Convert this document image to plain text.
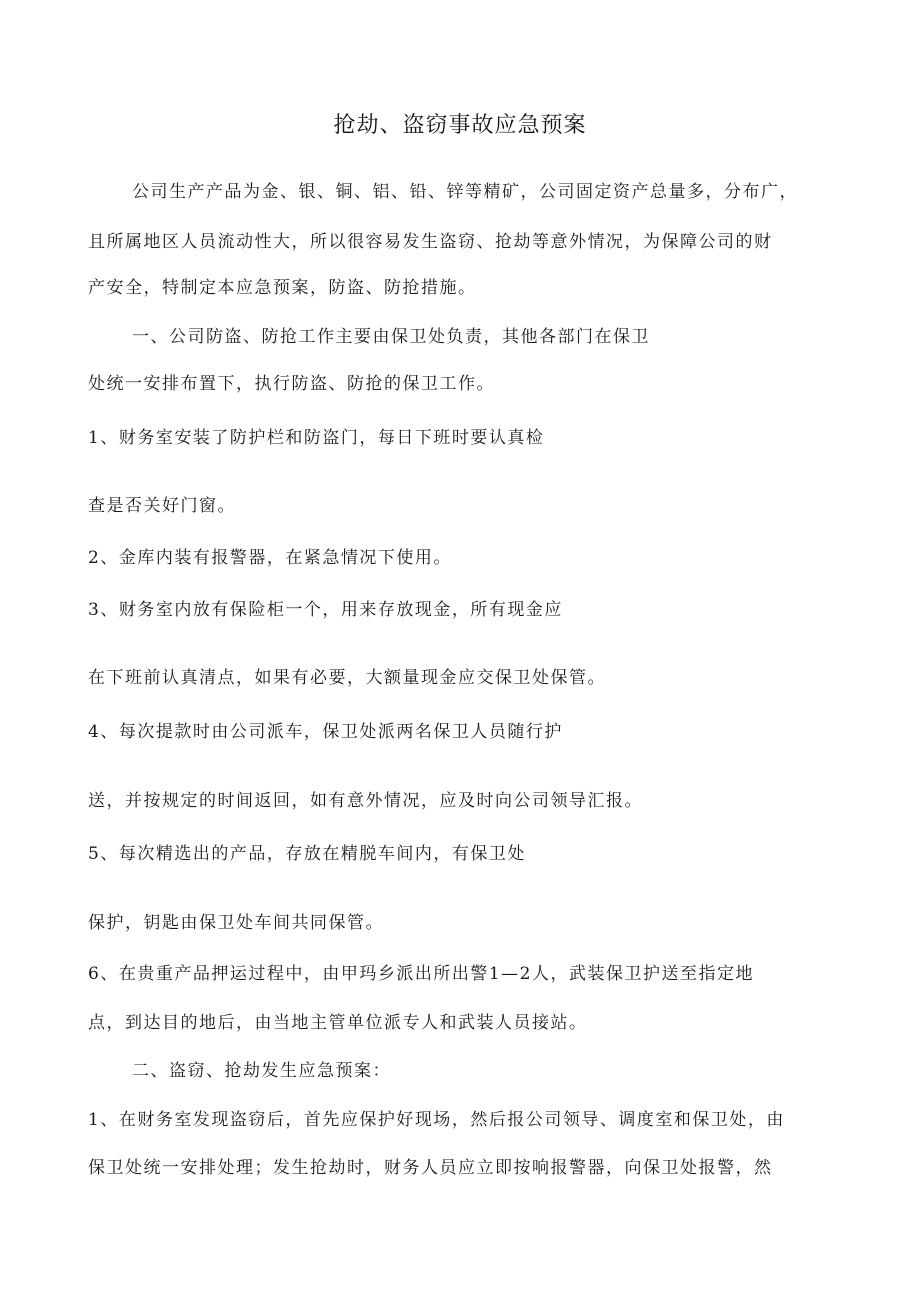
抢劫、盗窃事故应急预案
公司生产产品为金、银、铜、铝、铅、锌等精矿，公司固定资产总量多，分布广，
且所属地区人员流动性大，所以很容易发生盗窃、抢劫等意外情况，为保障公司的财
产安全，特制定本应急预案，防盗、防抢措施。
一、公司防盗、防抢工作主要由保卫处负责，其他各部门在保卫
处统一安排布置下，执行防盗、防抢的保卫工作。
1、财务室安装了防护栏和防盗门，每日下班时要认真检
查是否关好门窗。
2、金库内装有报警器，在紧急情况下使用。
3、财务室内放有保险柜一个，用来存放现金，所有现金应
在下班前认真清点，如果有必要，大额量现金应交保卫处保管。
4、每次提款时由公司派车，保卫处派两名保卫人员随行护
送，并按规定的时间返回，如有意外情况，应及时向公司领导汇报。
5、每次精选出的产品，存放在精脱车间内，有保卫处
保护，钥匙由保卫处车间共同保管。
6、在贵重产品押运过程中，由甲玛乡派出所出警1—2人，武装保卫护送至指定地
点，到达目的地后，由当地主管单位派专人和武装人员接站。
二、盗窃、抢劫发生应急预案：
1、在财务室发现盗窃后，首先应保护好现场，然后报公司领导、调度室和保卫处，由
保卫处统一安排处理；发生抢劫时，财务人员应立即按响报警器，向保卫处报警，然
